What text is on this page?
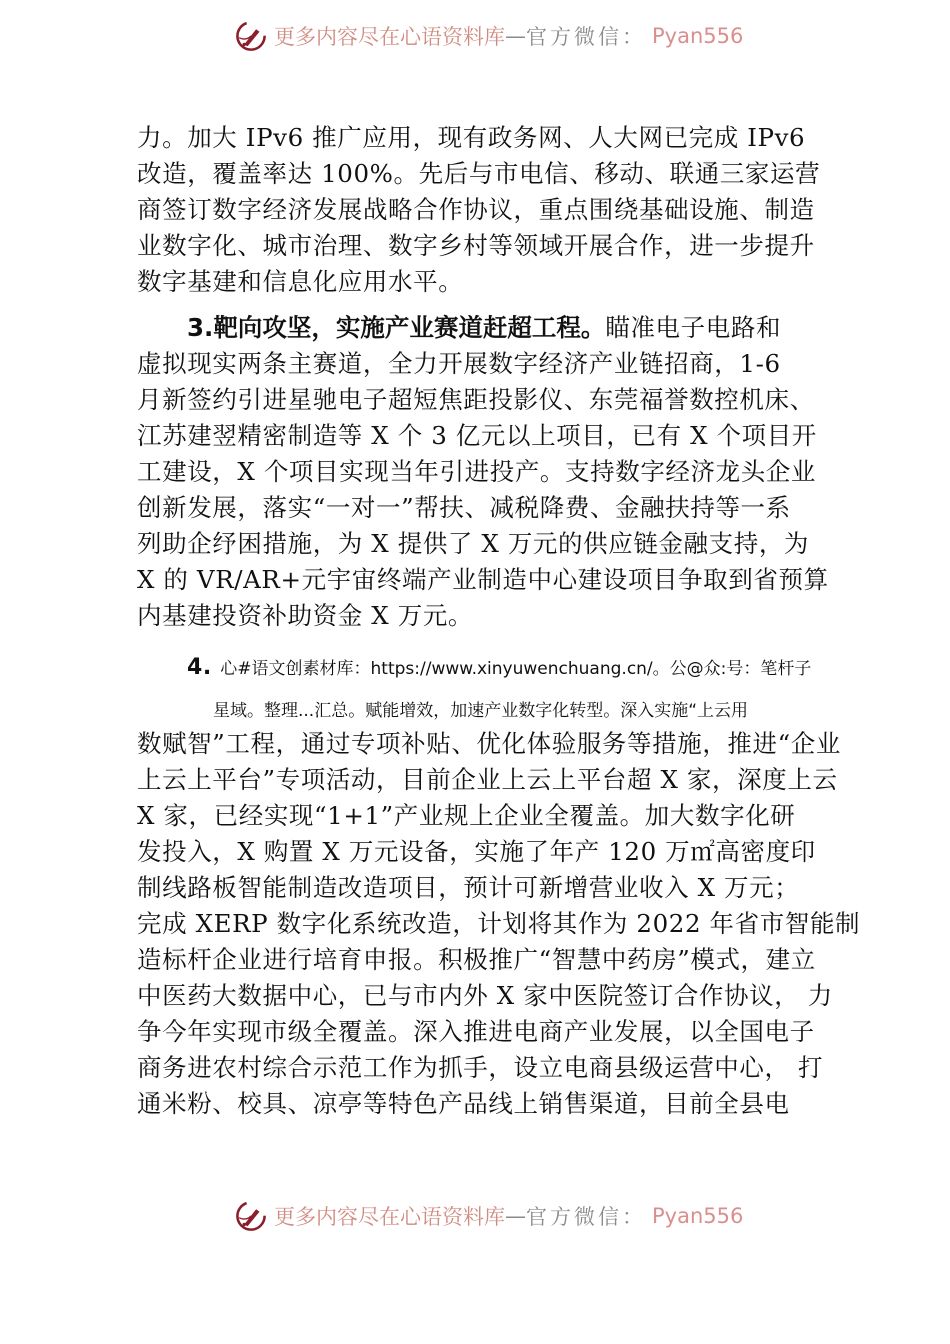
更多内容尽在心语资料库 — 官方微信： Pyan556
力。加大 IPv6 推广应用，现有政务网、人大网已完成 IPv6
改造，覆盖率达 100%。先后与市电信、移动、联通三家运营
商签订数字经济发展战略合作协议，重点围绕基础设施、制造
业数字化、城市治理、数字乡村等领域开展合作，进一步提升
数字基建和信息化应用水平。
3.靶向攻坚，实施产业赛道赶超工程。瞄准电子电路和
虚拟现实两条主赛道，全力开展数字经济产业链招商，1-6
月新签约引进星驰电子超短焦距投影仪、东莞福誉数控机床、
江苏建翌精密制造等 X 个 3 亿元以上项目，已有 X 个项目开
工建设，X 个项目实现当年引进投产。支持数字经济龙头企业
创新发展，落实“一对一”帮扶、减税降费、金融扶持等一系
列助企纾困措施，为 X 提供了 X 万元的供应链金融支持，为
X 的 VR/AR+元宇宙终端产业制造中心建设项目争取到省预算
内基建投资补助资金 X 万元。
4. 心#语文创素材库：https://www.xinyuwenchuang.cn/。公@众:号：笔杆子
星域。整理...汇总。赋能增效，加速产业数字化转型。深入实施“上云用
数赋智”工程，通过专项补贴、优化体验服务等措施，推进“企业
上云上平台”专项活动，目前企业上云上平台超 X 家，深度上云
X 家，已经实现“1+1”产业规上企业全覆盖。加大数字化研
发投入，X 购置 X 万元设备，实施了年产 120 万㎡高密度印
制线路板智能制造改造项目，预计可新增营业收入 X 万元；
完成 XERP 数字化系统改造，计划将其作为 2022 年省市智能制
造标杆企业进行培育申报。积极推广“智慧中药房”模式，建立
中医药大数据中心，已与市内外 X 家中医院签订合作协议， 力
争今年实现市级全覆盖。深入推进电商产业发展，以全国电子
商务进农村综合示范工作为抓手，设立电商县级运营中心， 打
通米粉、校具、凉亭等特色产品线上销售渠道，目前全县电
更多内容尽在心语资料库 — 官方微信： Pyan556
